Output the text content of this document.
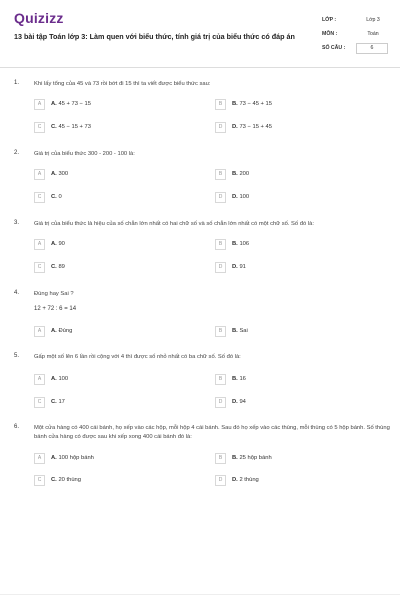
Quizizz
13 bài tập Toán lớp 3: Làm quen với biểu thức, tính giá trị của biểu thức có đáp án
LỚP :	Lớp 3
MÔN :	Toán
SỐ CÂU :	6
1.	Khi lấy tổng của 45 và 73 rồi bớt đi 15 thì ta viết được biểu thức sau:
A	A. 45 + 73 − 15	B	B. 73 − 45 + 15
C	C. 45 − 15 + 73	D	D. 73 − 15 + 45
2.	Giá trị của biểu thức 300 - 200 - 100 là:
A	A. 300	B	B. 200
C	C. 0	D	D. 100
3.	Giá trị của biểu thức là hiệu của số chẵn lớn nhất có hai chữ số và số chẵn lớn nhất có một chữ số. Số đó là:
A	A. 90	B	B. 106
C	C. 89	D	D. 91
4.	Đúng hay Sai ?
12 + 72 : 6 = 14
A	A. Đúng	B	B. Sai
5.	Gấp một số lên 6 lần rồi cộng với 4 thì được số nhỏ nhất có ba chữ số. Số đó là:
A	A. 100	B	B. 16
C	C. 17	D	D. 94
6.	Một cửa hàng có 400 cái bánh, họ xếp vào các hộp, mỗi hộp 4 cái bánh. Sau đó họ xếp vào các thùng, mỗi thùng có 5 hộp bánh. Số thùng bánh cửa hàng có được sau khi xếp xong 400 cái bánh đó là:
A	A. 100 hộp bánh	B	B. 25 hộp bánh
C	C. 20 thùng	D	D. 2 thùng
